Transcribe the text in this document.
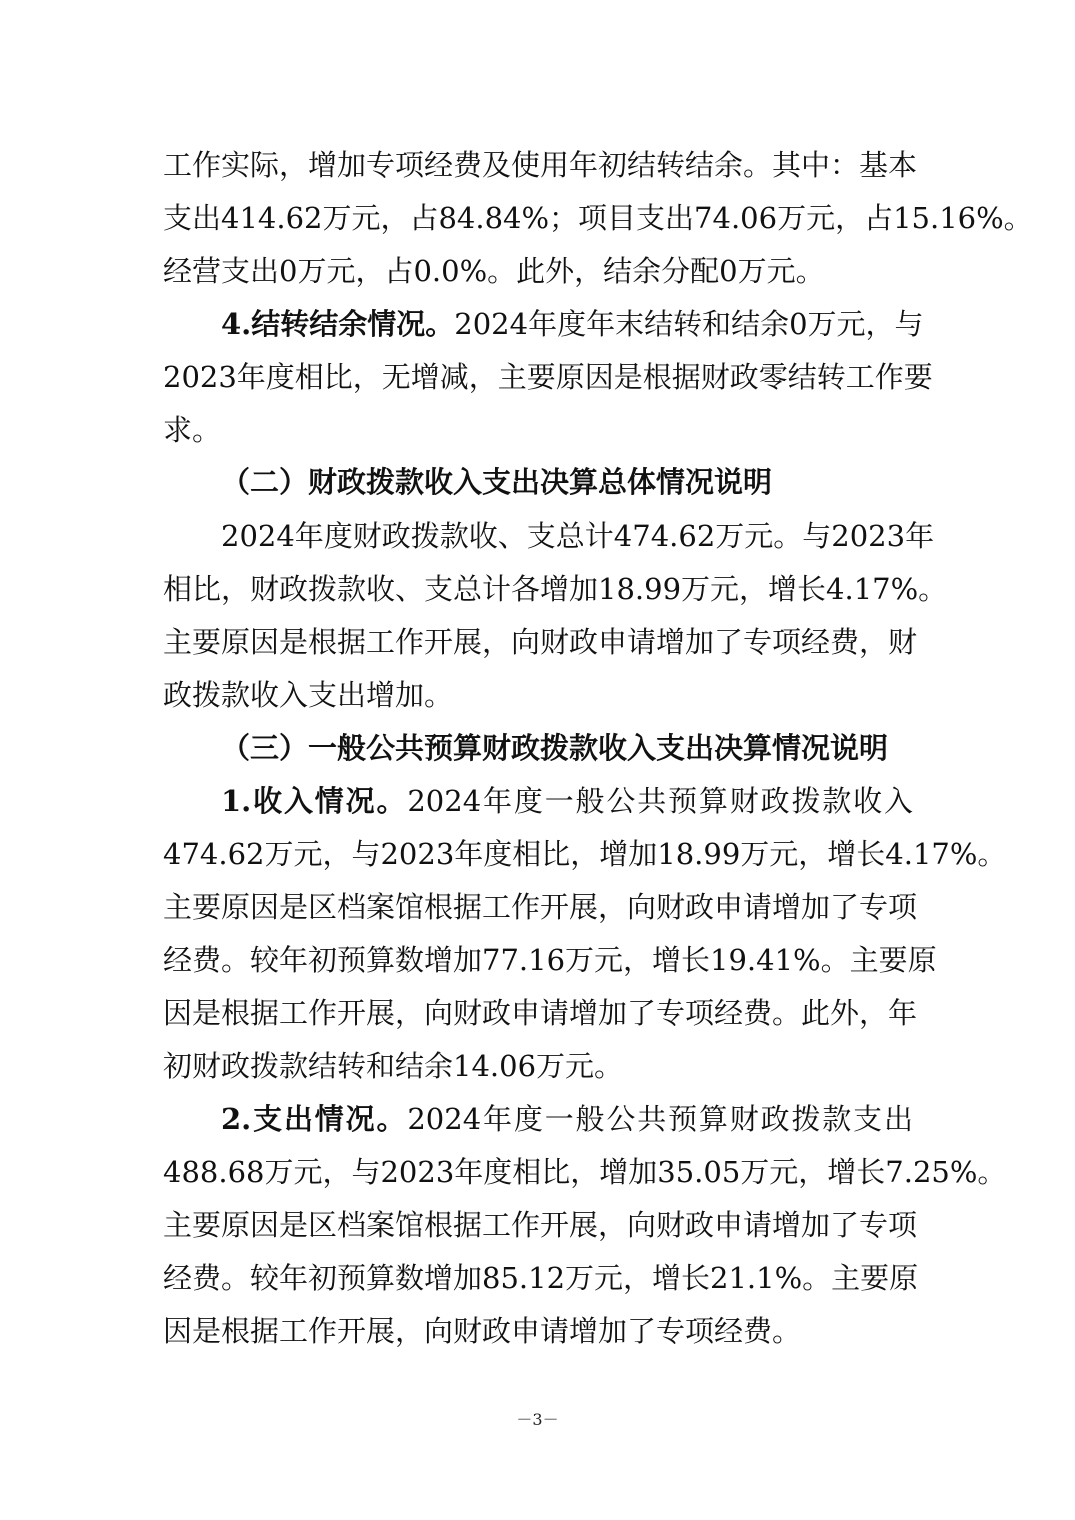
工作实际，增加专项经费及使用年初结转结余。其中：基本
支出414.62万元，占84.84%；项目支出74.06万元，占15.16%。
经营支出0万元，占0.0%。此外，结余分配0万元。
4.结转结余情况。2024年度年末结转和结余0万元，与
2023年度相比，无增减，主要原因是根据财政零结转工作要
求。
（二）财政拨款收入支出决算总体情况说明
2024年度财政拨款收、支总计474.62万元。与2023年
相比，财政拨款收、支总计各增加18.99万元，增长4.17%。
主要原因是根据工作开展，向财政申请增加了专项经费，财
政拨款收入支出增加。
（三）一般公共预算财政拨款收入支出决算情况说明
1.收入情况。2024年度一般公共预算财政拨款收入
474.62万元，与2023年度相比，增加18.99万元，增长4.17%。
主要原因是区档案馆根据工作开展，向财政申请增加了专项
经费。较年初预算数增加77.16万元，增长19.41%。主要原
因是根据工作开展，向财政申请增加了专项经费。此外，年
初财政拨款结转和结余14.06万元。
2.支出情况。2024年度一般公共预算财政拨款支出
488.68万元，与2023年度相比，增加35.05万元，增长7.25%。
主要原因是区档案馆根据工作开展，向财政申请增加了专项
经费。较年初预算数增加85.12万元，增长21.1%。主要原
因是根据工作开展，向财政申请增加了专项经费。
－3－
